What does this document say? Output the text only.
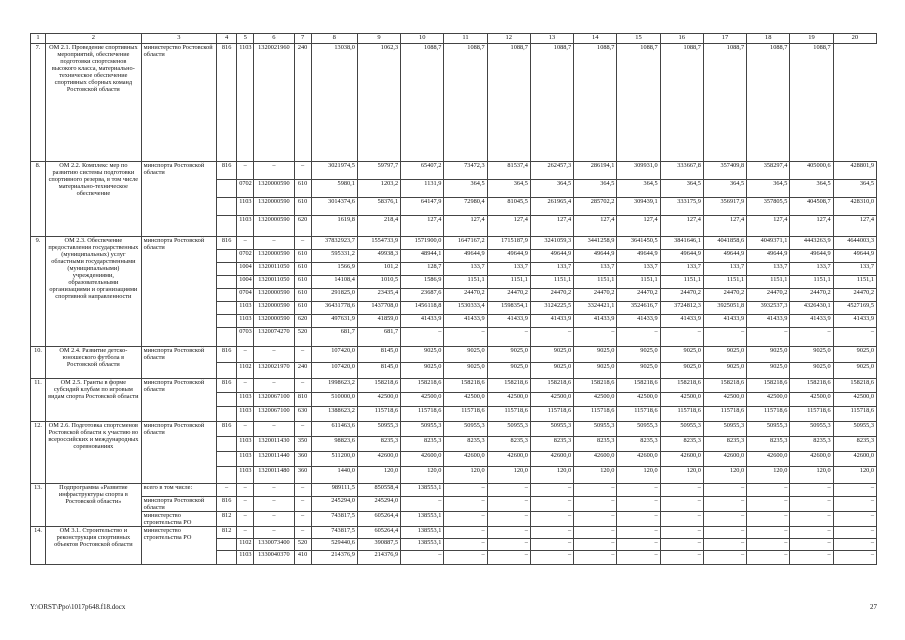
1	2	3	4	5	6	7	8	9	10	11	12	13	14	15	16	17	18	19	20
7.	ОМ 2.1. Проведение спортивных мероприятий, обеспечение подготовки спортсменов высокого класса, материально-техническое обеспечение спортивных сборных команд Ростовской области	министерство Ростовской области	816	1103	1320021960	240	13038,0	1062,3	1088,7	1088,7	1088,7	1088,7	1088,7	1088,7	1088,7	1088,7	1088,7	1088,7	
8.	ОМ 2.2. Комплекс мер по развитию системы подготовки спортивного резерва, в том числе материально-техническое обеспечение	минспорта Ростовской области	816	–	–	–	3021974,5	59797,7	65407,2	73472,3	81537,4	262457,3	286194,1	309931,0	333667,8	357409,8	358297,4	405000,6	428801,9
				0702	1320000590	610	5980,1	1203,2	1131,9	364,5	364,5	364,5	364,5	364,5	364,5	364,5	364,5	364,5	364,5
				1103	1320000590	610	3014374,6	58376,1	64147,9	72980,4	81045,5	261965,4	285702,2	309439,1	333175,9	356917,9	357805,5	404508,7	428310,0
				1103	1320000590	620	1619,8	218,4	127,4	127,4	127,4	127,4	127,4	127,4	127,4	127,4	127,4	127,4	127,4
9.	ОМ 2.3. Обеспечение предоставления государственных (муниципальных) услуг областными государственными (муниципальными) учреждениями, образовательными организациями и организациями спортивной направленности	минспорта Ростовской области	816	–	–	–	37832923,7	1554733,9	1571900,0	1647167,2	1715187,9	3241059,3	3441258,9	3641450,5	3841646,1	4041858,6	4049371,1	4443263,9	4644003,3
				0702	1320000590	610	595331,2	49938,3	48944,1	49644,9	49644,9	49644,9	49644,9	49644,9	49644,9	49644,9	49644,9	49644,9	49644,9
				1004	1320011050	610	1566,9	101,2	128,7	133,7	133,7	133,7	133,7	133,7	133,7	133,7	133,7	133,7	133,7
				1004	1320011050	610	14108,4	1010,5	1586,9	1151,1	1151,1	1151,1	1151,1	1151,1	1151,1	1151,1	1151,1	1151,1	1151,1
				0704	1320000590	610	291825,0	23435,4	23687,6	24470,2	24470,2	24470,2	24470,2	24470,2	24470,2	24470,2	24470,2	24470,2	24470,2
				1103	1320000590	610	36431778,6	1437708,0	1456118,8	1530333,4	1598354,1	3124225,5	3324421,1	3524616,7	3724812,3	3925051,8	3932537,3	4326430,1	4527169,5
				1103	1320000590	620	497631,9	41859,0	41433,9	41433,9	41433,9	41433,9	41433,9	41433,9	41433,9	41433,9	41433,9	41433,9	41433,9
				0703	1320074270	520	681,7	681,7	–	–	–	–	–	–	–	–	–	–	–
10.	ОМ 2.4. Развитие детско-юношеского футбола в Ростовской области	минспорта Ростовской области	816	–	–	–	107420,0	8145,0	9025,0	9025,0	9025,0	9025,0	9025,0	9025,0	9025,0	9025,0	9025,0	9025,0	9025,0
				1102	1320021970	240	107420,0	8145,0	9025,0	9025,0	9025,0	9025,0	9025,0	9025,0	9025,0	9025,0	9025,0	9025,0	9025,0
11.	ОМ 2.5. Гранты в форме субсидий клубам по игровым видам спорта Ростовской области	минспорта Ростовской области	816	–	–	–	1998623,2	158218,6	158218,6	158218,6	158218,6	158218,6	158218,6	158218,6	158218,6	158218,6	158218,6	158218,6	158218,6
				1103	1320067100	810	510000,0	42500,0	42500,0	42500,0	42500,0	42500,0	42500,0	42500,0	42500,0	42500,0	42500,0	42500,0	42500,0
				1103	1320067100	630	1388623,2	115718,6	115718,6	115718,6	115718,6	115718,6	115718,6	115718,6	115718,6	115718,6	115718,6	115718,6	115718,6
12.	ОМ 2.6. Подготовка спортсменов Ростовской области к участию во всероссийских и международных соревнованиях	минспорта Ростовской области	816	–	–	–	611463,6	50955,3	50955,3	50955,3	50955,3	50955,3	50955,3	50955,3	50955,3	50955,3	50955,3	50955,3	50955,3
				1103	1320011430	350	98823,6	8235,3	8235,3	8235,3	8235,3	8235,3	8235,3	8235,3	8235,3	8235,3	8235,3	8235,3	8235,3
				1103	1320011440	360	511200,0	42600,0	42600,0	42600,0	42600,0	42600,0	42600,0	42600,0	42600,0	42600,0	42600,0	42600,0	42600,0
				1103	1320011480	360	1440,0	120,0	120,0	120,0	120,0	120,0	120,0	120,0	120,0	120,0	120,0	120,0	120,0
13.	Подпрограмма «Развитие инфраструктуры спорта в Ростовской области»	всего в том числе:	–	–	–	–	989111,5	850558,4	138553,1	–	–	–	–	–	–	–	–	–	–
		минспорта Ростовской области	816	–	–	–	245294,0	245294,0	–	–	–	–	–	–	–	–	–	–	–
		министерство строительства РО	812	–	–	–	743817,5	605264,4	138553,1	–	–	–	–	–	–	–	–	–	–
14.	ОМ 3.1. Строительство и реконструкция спортивных объектов Ростовской области	министерство строительства РО	812	–	–	–	743817,5	605264,4	138553,1	–	–	–	–	–	–	–	–	–	–
				1102	1330073400	520	529440,6	390887,5	138553,1	–	–	–	–	–	–	–	–	–	–
				1103	1330040370	410	214376,9	214376,9	–	–	–	–	–	–	–	–	–	–	–
Y:\ORST\Ppo\1017p648.f18.docx	27
